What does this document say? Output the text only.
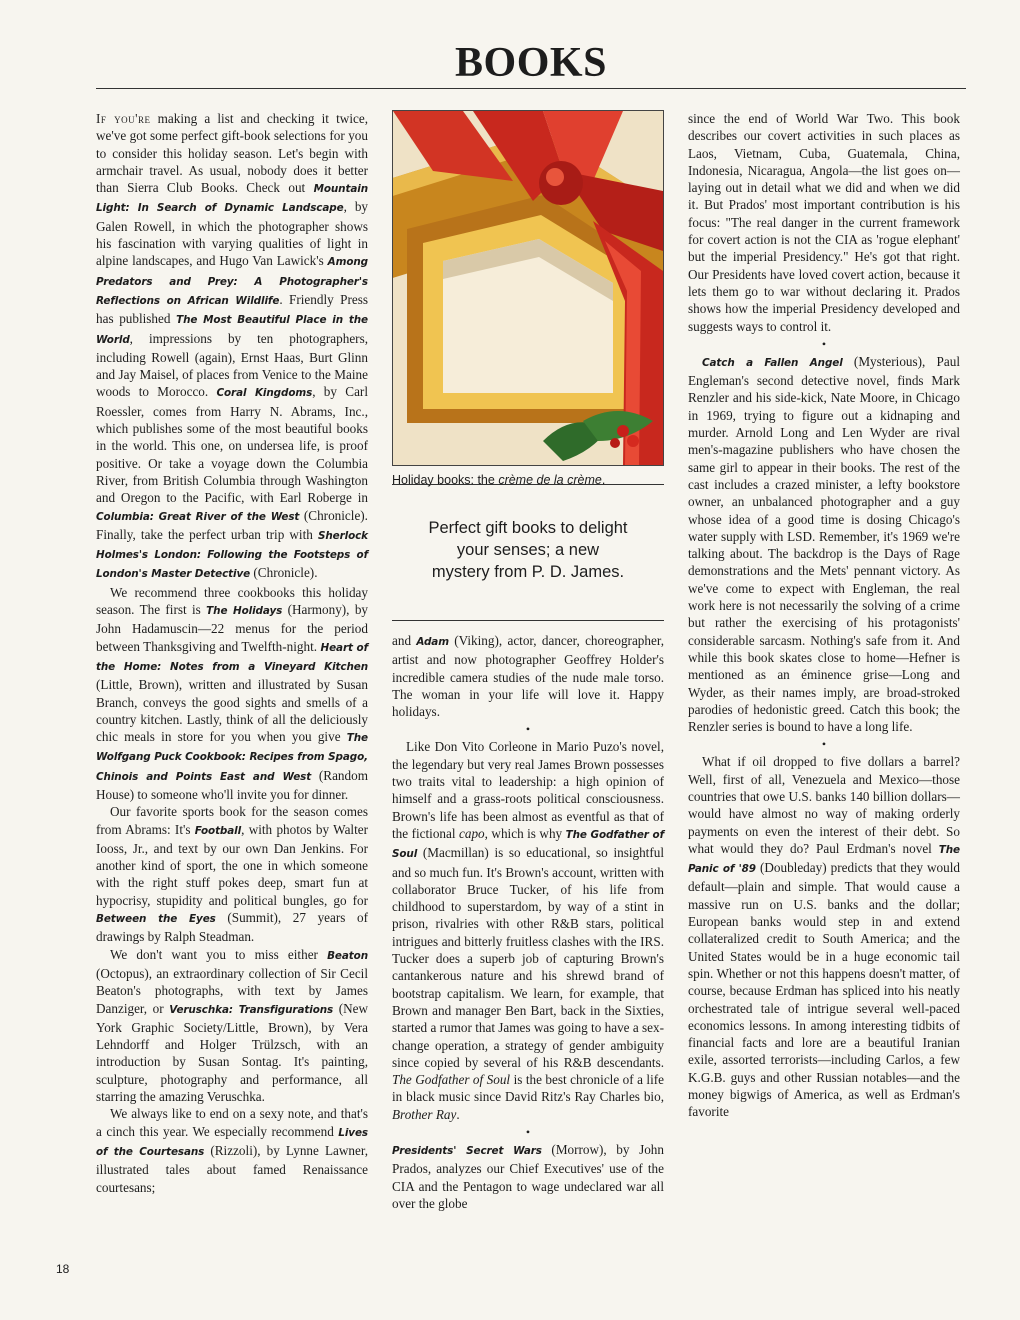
BOOKS

If you're making a list and checking it twice, we've got some perfect gift-book selections for you to consider this holiday season. Let's begin with armchair travel. As usual, nobody does it better than Sierra Club Books. Check out Mountain Light: In Search of Dynamic Landscape, by Galen Rowell, in which the photographer shows his fascination with varying qualities of light in alpine landscapes, and Hugo Van Lawick's Among Predators and Prey: A Photographer's Reflections on African Wildlife. Friendly Press has published The Most Beautiful Place in the World, impressions by ten photographers, including Rowell (again), Ernst Haas, Burt Glinn and Jay Maisel, of places from Venice to the Maine woods to Morocco. Coral Kingdoms, by Carl Roessler, comes from Harry N. Abrams, Inc., which publishes some of the most beautiful books in the world. This one, on undersea life, is proof positive. Or take a voyage down the Columbia River, from British Columbia through Washington and Oregon to the Pacific, with Earl Roberge in Columbia: Great River of the West (Chronicle). Finally, take the perfect urban trip with Sherlock Holmes's London: Following the Footsteps of London's Master Detective (Chronicle).

We recommend three cookbooks this holiday season. The first is The Holidays (Harmony), by John Hadamuscin—22 menus for the period between Thanksgiving and Twelfth-night. Heart of the Home: Notes from a Vineyard Kitchen (Little, Brown), written and illustrated by Susan Branch, conveys the good sights and smells of a country kitchen. Lastly, think of all the deliciously chic meals in store for you when you give The Wolfgang Puck Cookbook: Recipes from Spago, Chinois and Points East and West (Random House) to someone who'll invite you for dinner.

Our favorite sports book for the season comes from Abrams: It's Football, with photos by Walter Iooss, Jr., and text by our own Dan Jenkins. For another kind of sport, the one in which someone with the right stuff pokes deep, smart fun at hypocrisy, stupidity and political bungles, go for Between the Eyes (Summit), 27 years of drawings by Ralph Steadman.

We don't want you to miss either Beaton (Octopus), an extraordinary collection of Sir Cecil Beaton's photographs, with text by James Danziger, or Veruschka: Transfigurations (New York Graphic Society/Little, Brown), by Vera Lehndorff and Holger Trülzsch, with an introduction by Susan Sontag. It's painting, sculpture, photography and performance, all starring the amazing Veruschka.

We always like to end on a sexy note, and that's a cinch this year. We especially recommend Lives of the Courtesans (Rizzoli), by Lynne Lawner, illustrated tales about famed Renaissance courtesans;

Holiday books: the crème de la crème.
Perfect gift books to delight
your senses; a new
mystery from P. D. James.

and Adam (Viking), actor, dancer, choreographer, artist and now photographer Geoffrey Holder's incredible camera studies of the nude male torso. The woman in your life will love it. Happy holidays.

•

Like Don Vito Corleone in Mario Puzo's novel, the legendary but very real James Brown possesses two traits vital to leadership: a high opinion of himself and a grass-roots political consciousness. Brown's life has been almost as eventful as that of the fictional capo, which is why The Godfather of Soul (Macmillan) is so educational, so insightful and so much fun. It's Brown's account, written with collaborator Bruce Tucker, of his life from childhood to superstardom, by way of a stint in prison, rivalries with other R&B stars, political intrigues and bitterly fruitless clashes with the IRS. Tucker does a superb job of capturing Brown's cantankerous nature and his shrewd brand of bootstrap capitalism. We learn, for example, that Brown and manager Ben Bart, back in the Sixties, started a rumor that James was going to have a sex-change operation, a strategy of gender ambiguity since copied by several of his R&B descendants. The Godfather of Soul is the best chronicle of a life in black music since David Ritz's Ray Charles bio, Brother Ray.

•

Presidents' Secret Wars (Morrow), by John Prados, analyzes our Chief Executives' use of the CIA and the Pentagon to wage undeclared war all over the globe

since the end of World War Two. This book describes our covert activities in such places as Laos, Vietnam, Cuba, Guatemala, China, Indonesia, Nicaragua, Angola—the list goes on—laying out in detail what we did and when we did it. But Prados' most important contribution is his focus: "The real danger in the current framework for covert action is not the CIA as 'rogue elephant' but the imperial Presidency." He's got that right. Our Presidents have loved covert action, because it lets them go to war without declaring it. Prados shows how the imperial Presidency developed and suggests ways to control it.

•

Catch a Fallen Angel (Mysterious), Paul Engleman's second detective novel, finds Mark Renzler and his side-kick, Nate Moore, in Chicago in 1969, trying to figure out a kidnaping and murder. Arnold Long and Len Wyder are rival men's-magazine publishers who have chosen the same girl to appear in their books. The rest of the cast includes a crazed minister, a lefty bookstore owner, an unbalanced photographer and a guy whose idea of a good time is dosing Chicago's water supply with LSD. Remember, it's 1969 we're talking about. The backdrop is the Days of Rage demonstrations and the Mets' pennant victory. As we've come to expect with Engleman, the real work here is not necessarily the solving of a crime but rather the exercising of his protagonists' considerable sarcasm. Nothing's safe from it. And while this book skates close to home—Hefner is mentioned as an éminence grise—Long and Wyder, as their names imply, are broad-stroked parodies of hedonistic greed. Catch this book; the Renzler series is bound to have a long life.

•

What if oil dropped to five dollars a barrel? Well, first of all, Venezuela and Mexico—those countries that owe U.S. banks 140 billion dollars—would have almost no way of making orderly payments on even the interest of their debt. So what would they do? Paul Erdman's novel The Panic of '89 (Doubleday) predicts that they would default—plain and simple. That would cause a massive run on U.S. banks and the dollar; European banks would step in and extend collateralized credit to South America; and the United States would be in a huge economic tail spin. Whether or not this happens doesn't matter, of course, because Erdman has spliced into his neatly orchestrated tale of intrigue several well-paced economics lessons. In among interesting tidbits of financial facts and lore are a beautiful Iranian exile, assorted terrorists—including Carlos, a few K.G.B. guys and other Russian notables—and the money bigwigs of America, as well as Erdman's favorite

18
